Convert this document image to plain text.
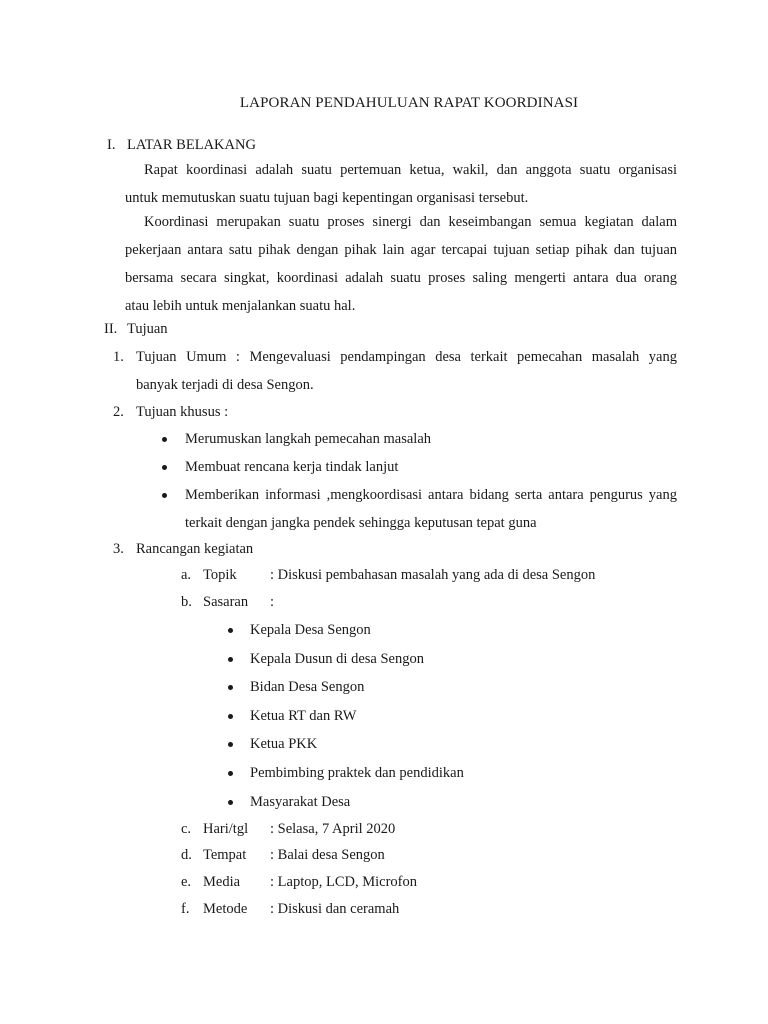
LAPORAN PENDAHULUAN RAPAT KOORDINASI
I. LATAR BELAKANG
Rapat koordinasi adalah suatu pertemuan ketua, wakil, dan anggota suatu organisasi
untuk memutuskan suatu tujuan bagi kepentingan organisasi tersebut.
Koordinasi merupakan suatu proses sinergi dan keseimbangan semua kegiatan dalam
pekerjaan antara satu pihak dengan pihak lain agar tercapai tujuan setiap pihak dan tujuan
bersama secara singkat, koordinasi adalah suatu proses saling mengerti antara dua orang
atau lebih untuk menjalankan suatu hal.
II. Tujuan
1. Tujuan Umum : Mengevaluasi pendampingan desa terkait pemecahan masalah yang
banyak terjadi di desa Sengon.
2. Tujuan khusus :
Merumuskan langkah pemecahan masalah
Membuat rencana kerja tindak lanjut
Memberikan informasi ,mengkoordisasi antara bidang serta antara pengurus yang
terkait dengan jangka pendek sehingga keputusan tepat guna
3. Rancangan kegiatan
a. Topik : Diskusi pembahasan masalah yang ada di desa Sengon
b. Sasaran :
Kepala Desa Sengon
Kepala Dusun di desa Sengon
Bidan Desa Sengon
Ketua RT dan RW
Ketua PKK
Pembimbing praktek dan pendidikan
Masyarakat Desa
c. Hari/tgl : Selasa, 7 April 2020
d. Tempat : Balai desa Sengon
e. Media : Laptop, LCD, Microfon
f. Metode : Diskusi dan ceramah
